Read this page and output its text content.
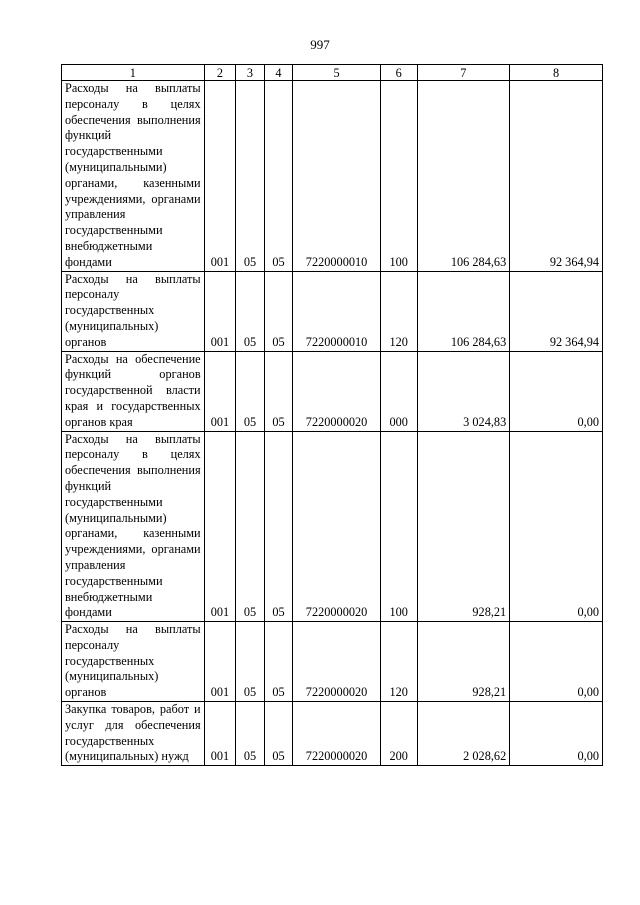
997
1	2	3	4	5	6	7	8

Расходы на выплаты персоналу в целях обеспечения выполнения функций государственными (муниципальными) органами, казенными учреждениями, органами управления государственными внебюджетными фондами	001	05	05	7220000010	100	106 284,63	92 364,94

Расходы на выплаты персоналу государственных (муниципальных) органов	001	05	05	7220000010	120	106 284,63	92 364,94

Расходы на обеспечение функций органов государственной власти края и государственных органов края	001	05	05	7220000020	000	3 024,83	0,00

Расходы на выплаты персоналу в целях обеспечения выполнения функций государственными (муниципальными) органами, казенными учреждениями, органами управления государственными внебюджетными фондами	001	05	05	7220000020	100	928,21	0,00

Расходы на выплаты персоналу государственных (муниципальных) органов	001	05	05	7220000020	120	928,21	0,00

Закупка товаров, работ и услуг для обеспечения государственных (муниципальных) нужд	001	05	05	7220000020	200	2 028,62	0,00
